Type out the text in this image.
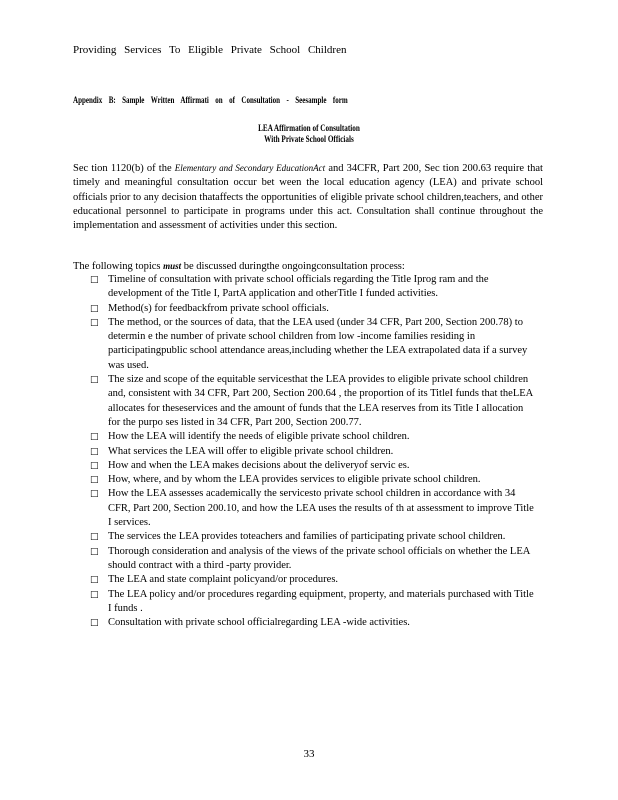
Providing Services To Eligible Private School Children
Appendix B: Sample Written Affirmati on of Consultation - Seesample form
LEA Affirmation of Consultation
With Private School Officials
Sec tion 1120(b) of the Elementary and Secondary EducationAct and 34CFR, Part 200, Sec tion 200.63 require that timely and meaningful consultation occur bet ween the local education agency (LEA) and private school officials prior to any decision thataffects the opportunities of eligible private school children,teachers, and other educational personnel to participate in programs under this act. Consultation shall continue throughout the implementation and assessment of activities under this section.
The following topics must be discussed duringthe ongoingconsultation process:
□ Timeline of consultation with private school officials regarding the Title Iprog ram and the development of the Title I, PartA application and otherTitle I funded activities.
□ Method(s) for feedbackfrom private school officials.
□ The method, or the sources of data, that the LEA used (under 34 CFR, Part 200, Section 200.78) to determin e the number of private school children from low -income families residing in participatingpublic school attendance areas,including whether the LEA extrapolated data if a survey was used.
□ The size and scope of the equitable servicesthat the LEA provides to eligible private school children and, consistent with 34 CFR, Part 200, Section 200.64 , the proportion of its TitleI funds that theLEA allocates for theseservices and the amount of funds that the LEA reserves from its Title I allocation for the purpo ses listed in 34 CFR, Part 200, Section 200.77.
□ How the LEA will identify the needs of eligible private school children.
□ What services the LEA will offer to eligible private school children.
□ How and when the LEA makes decisions about the deliveryof servic es.
□ How, where, and by whom the LEA provides services to eligible private school children.
□ How the LEA assesses academically the servicesto private school children in accordance with 34 CFR, Part 200, Section 200.10, and how the LEA uses the results of th at assessment to improve Title I services.
□ The services the LEA provides toteachers and families of participating private school children.
□ Thorough consideration and analysis of the views of the private school officials on whether the LEA should contract with a third -party provider.
□ The LEA and state complaint policyand/or procedures.
□ The LEA policy and/or procedures regarding equipment, property, and materials purchased with Title I funds .
□ Consultation with private school officialregarding LEA -wide activities.
33
